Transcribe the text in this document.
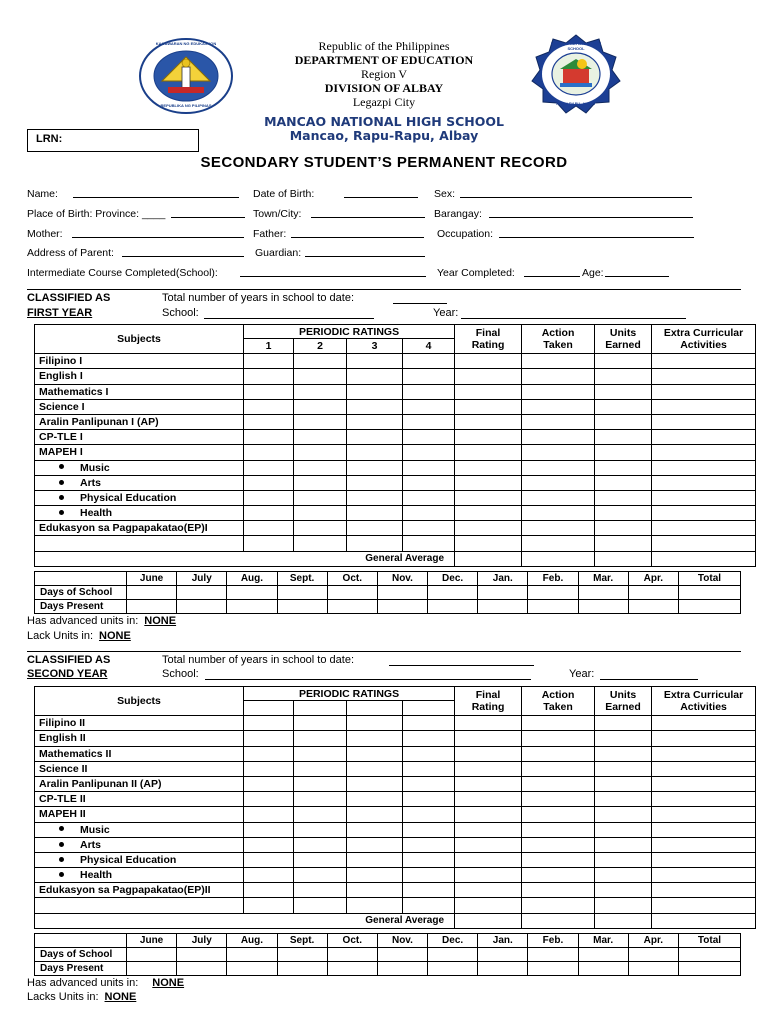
KAGAWARAN NG EDUKASYON
REPUBLIKA NG PILIPINAS
MANCAO NATIONAL HIGH SCHOOL
RAPU-RAPU, ALBAY
Republic of the Philippines
DEPARTMENT OF EDUCATION
Region V
DIVISION OF ALBAY
Legazpi City
MANCAO NATIONAL HIGH SCHOOL
Mancao, Rapu-Rapu, Albay
LRN:
SECONDARY STUDENT’S PERMANENT RECORD
Name:	Date of Birth:	Sex:
Place of Birth: Province: ____	Town/City:	Barangay:
Mother:	Father:	Occupation:
Address of Parent:	Guardian:
Intermediate Course Completed(School):	Year Completed:	Age:
CLASSIFIED AS
FIRST YEAR
Total number of years in school to date:
School:	Year:
Subjects	PERIODIC RATINGS				Final Rating	Action Taken	Units Earned	Extra Curricular Activities
	1	2	3	4				
Filipino I								
English I								
Mathematics I								
Science I								
Aralin Panlipunan I (AP)								
CP-TLE I								
MAPEH I								
Music								
Arts								
Physical Education								
Health								
Edukasyon sa Pagpapakatao(EP)I								

General Average								
	June	July	Aug.	Sept.	Oct.	Nov.	Dec.	Jan.	Feb.	Mar.	Apr.	Total
Days of School												
Days Present												
Has advanced units in: NONE
Lack Units in: NONE
CLASSIFIED AS
SECOND YEAR
Total number of years in school to date:
School:	Year:
Subjects	PERIODIC RATINGS				Final Rating	Action Taken	Units Earned	Extra Curricular Activities

Filipino II								
English II								
Mathematics II								
Science II								
Aralin Panlipunan II (AP)								
CP-TLE II								
MAPEH II								
Music								
Arts								
Physical Education								
Health								
Edukasyon sa Pagpapakatao(EP)II								

General Average								
	June	July	Aug.	Sept.	Oct.	Nov.	Dec.	Jan.	Feb.	Mar.	Apr.	Total
Days of School												
Days Present												
Has advanced units in: NONE
Lacks Units in: NONE
